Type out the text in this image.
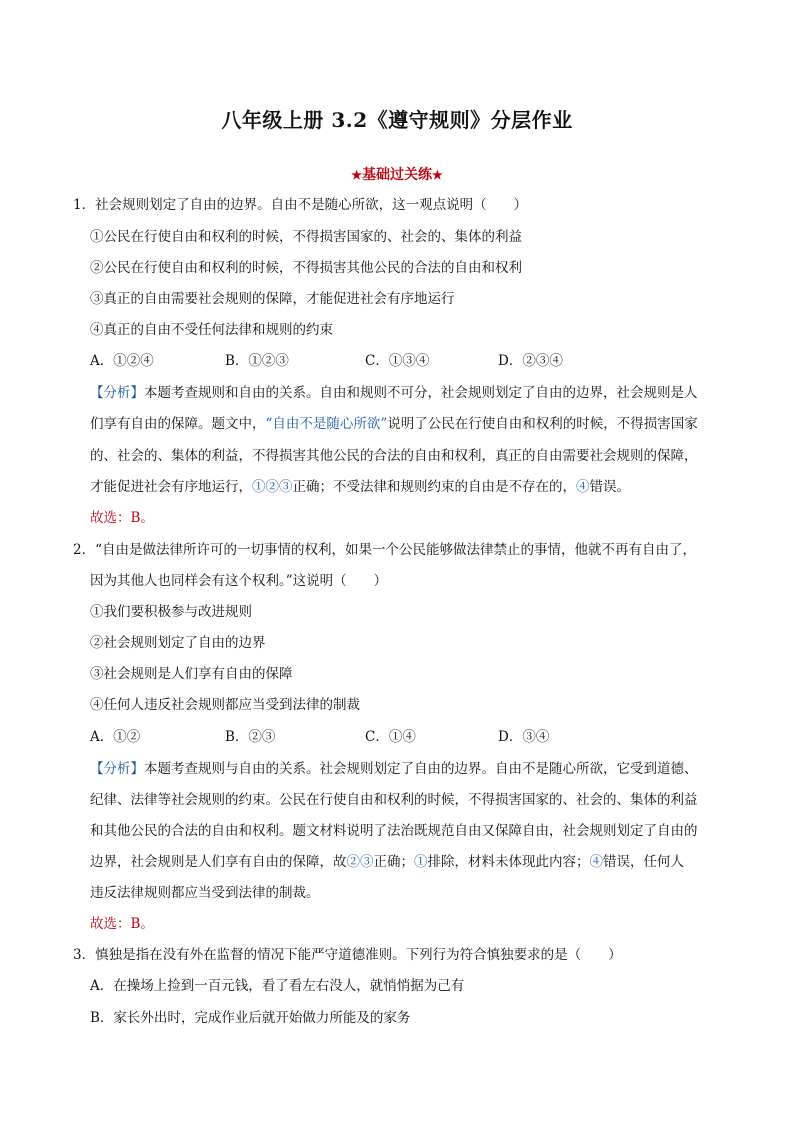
八年级上册 3.2《遵守规则》分层作业
★基础过关练★
1．社会规则划定了自由的边界。自由不是随心所欲，这一观点说明（　　）
①公民在行使自由和权利的时候，不得损害国家的、社会的、集体的利益
②公民在行使自由和权利的时候，不得损害其他公民的合法的自由和权利
③真正的自由需要社会规则的保障，才能促进社会有序地运行
④真正的自由不受任何法律和规则的约束
A．①②④	B．①②③	C．①③④	D．②③④
【分析】本题考查规则和自由的关系。自由和规则不可分，社会规则划定了自由的边界，社会规则是人
们享有自由的保障。题文中，“自由不是随心所欲”说明了公民在行使自由和权利的时候，不得损害国家
的、社会的、集体的利益，不得损害其他公民的合法的自由和权利，真正的自由需要社会规则的保障，
才能促进社会有序地运行，①②③正确；不受法律和规则约束的自由是不存在的，④错误。
故选：B。
2．“自由是做法律所许可的一切事情的权利，如果一个公民能够做法律禁止的事情，他就不再有自由了，
因为其他人也同样会有这个权利。”这说明（　　）
①我们要积极参与改进规则
②社会规则划定了自由的边界
③社会规则是人们享有自由的保障
④任何人违反社会规则都应当受到法律的制裁
A．①②	B．②③	C．①④	D．③④
【分析】本题考查规则与自由的关系。社会规则划定了自由的边界。自由不是随心所欲，它受到道德、
纪律、法律等社会规则的约束。公民在行使自由和权利的时候，不得损害国家的、社会的、集体的利益
和其他公民的合法的自由和权利。题文材料说明了法治既规范自由又保障自由，社会规则划定了自由的
边界，社会规则是人们享有自由的保障，故②③正确；①排除，材料未体现此内容；④错误，任何人
违反法律规则都应当受到法律的制裁。
故选：B。
3．慎独是指在没有外在监督的情况下能严守道德准则。下列行为符合慎独要求的是（　　）
A．在操场上捡到一百元钱，看了看左右没人，就悄悄据为己有
B．家长外出时，完成作业后就开始做力所能及的家务
